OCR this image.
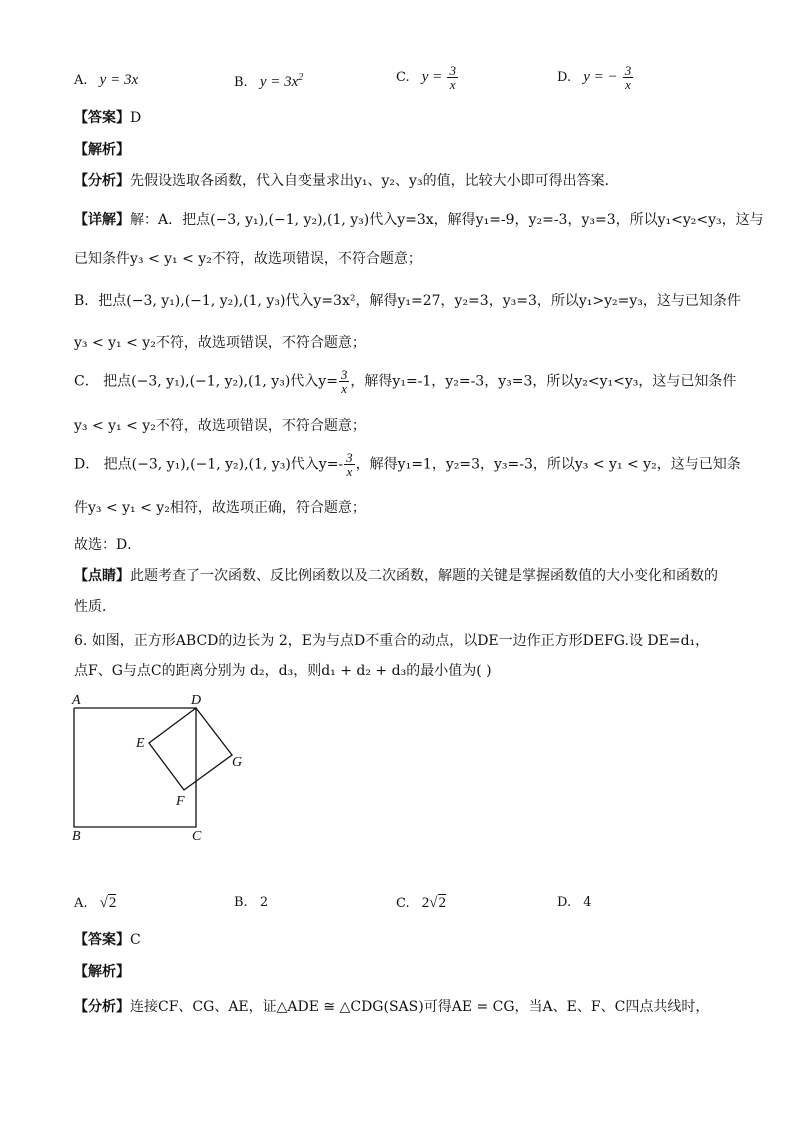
A. y = 3x	B. $y = 3x^2$	C. $y = \frac{3}{x}$	D. y = − $\frac{3}{x}$
【答案】D
【解析】
【分析】先假设选取各函数，代入自变量求出y₁、y₂、y₃的值，比较大小即可得出答案．
【详解】解：A．把点(−3, y₁),(−1, y₂),(1, y₃)代入y=3x，解得y₁=-9，y₂=-3，y₃=3，所以y₁<y₂<y₃，这与
已知条件y₃ < y₁ < y₂不符，故选项错误，不符合题意；
B．把点(−3, y₁),(−1, y₂),(1, y₃)代入y=3x²，解得y₁=27，y₂=3，y₃=3，所以y₁>y₂=y₃，这与已知条件
y₃ < y₁ < y₂不符，故选项错误，不符合题意；
C． 把点(−3, y₁),(−1, y₂),(1, y₃)代入$y= \frac{3}{x}$ ，解得y₁=-1，y₂=-3，y₃=3，所以y₂<y₁<y₃，这与已知条件
y₃ < y₁ < y₂不符，故选项错误，不符合题意；
D． 把点(−3, y₁),(−1, y₂),(1, y₃)代入$y=- \frac{3}{x}$ ，解得y₁=1，y₂=3，y₃=-3，所以y₃ < y₁ < y₂，这与已知条
件y₃ < y₁ < y₂相符，故选项正确，符合题意；
故选：D．
【点睛】此题考查了一次函数、反比例函数以及二次函数，解题的关键是掌握函数值的大小变化和函数的
性质．
6. 如图，正方形ABCD的边长为 2，E为与点D不重合的动点，以DE一边作正方形DEFG.设 DE=d₁，
点F、G与点C的距离分别为 d₂，d₃，则d₁ + d₂ + d₃的最小值为( )
A	D
E
G
F
B	C
A. √2	B. 2	C. 2√2	D. 4
【答案】C
【解析】
【分析】连接CF、CG、AE，证△ADE ≅ △CDG(SAS)可得AE = CG，当A、E、F、C四点共线时，
